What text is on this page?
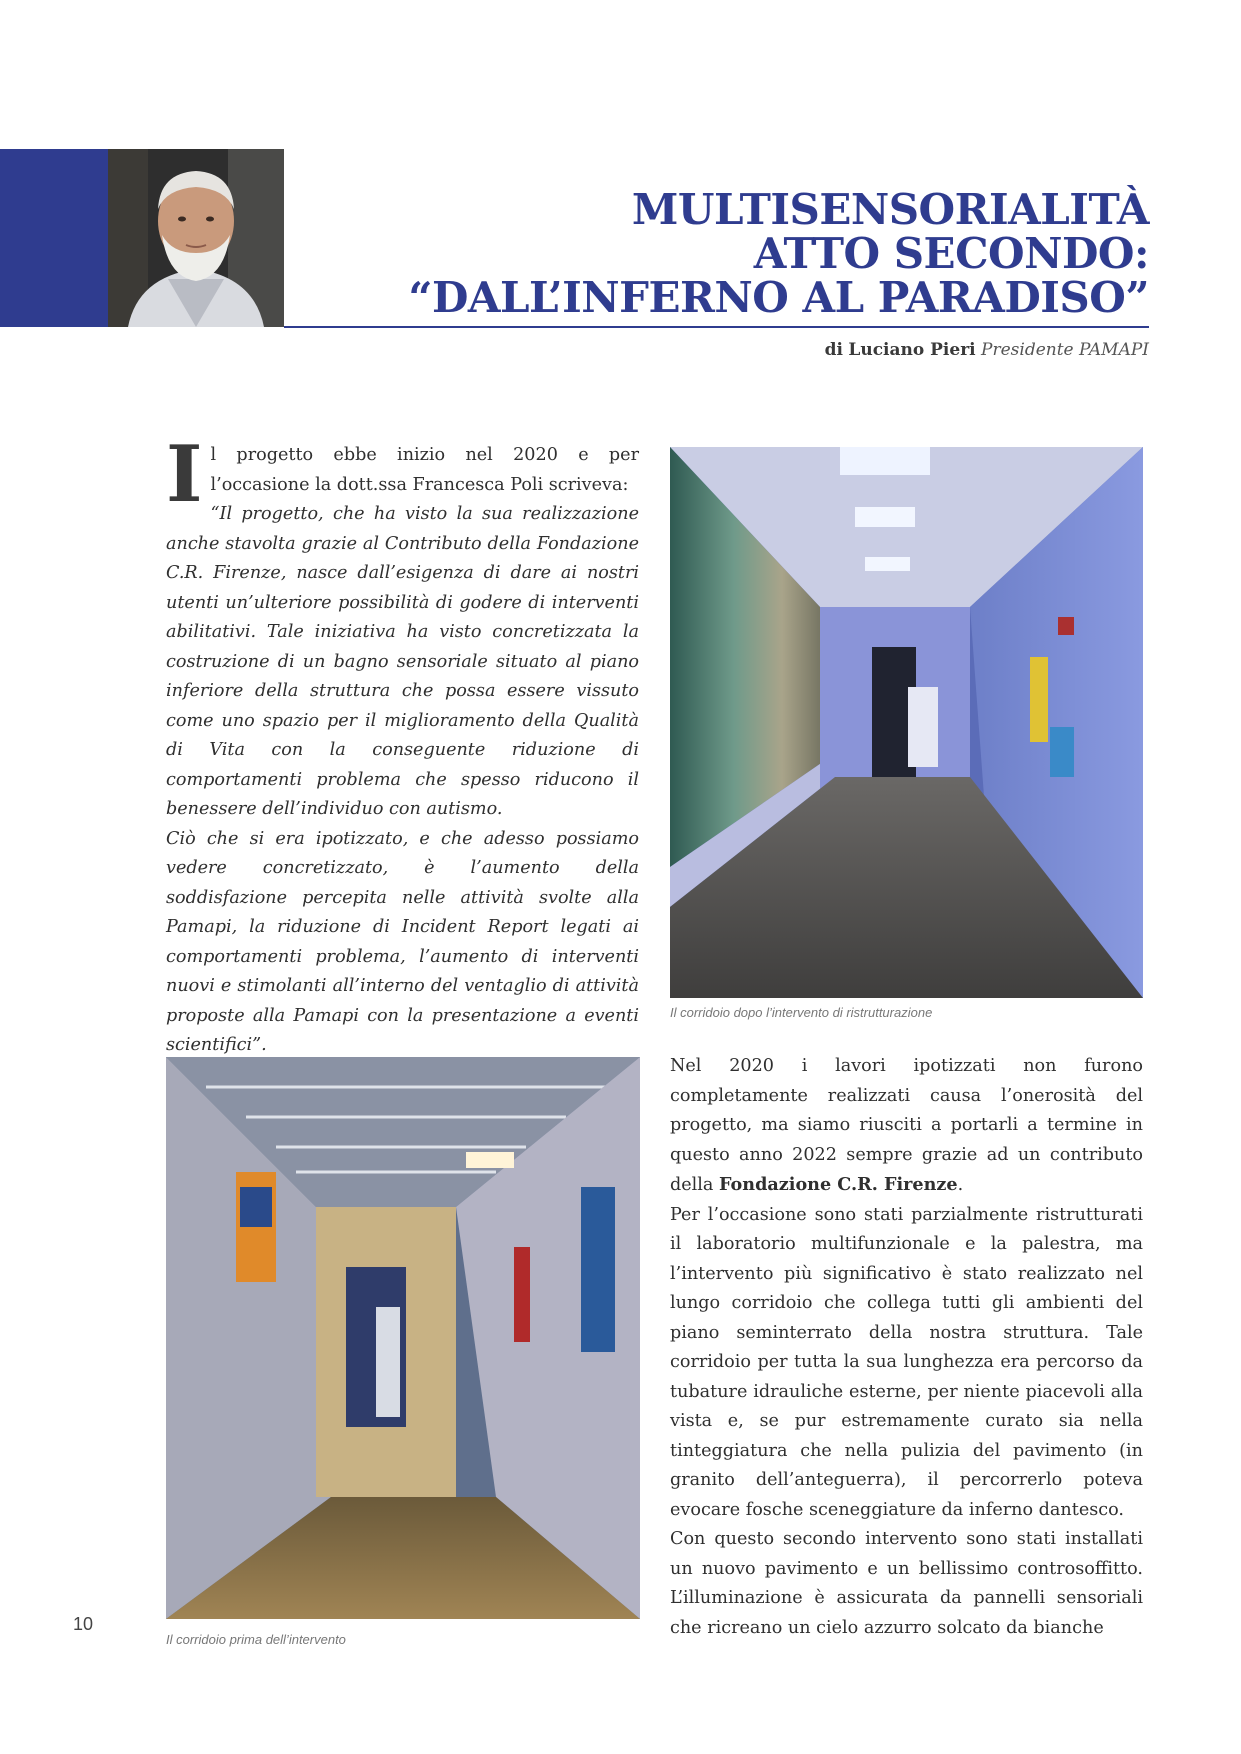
MULTISENSORIALITÀ
ATTO SECONDO:
“DALL’INFERNO AL PARADISO”
di Luciano Pieri Presidente PAMAPI
I l progetto ebbe inizio nel 2020 e per l’occasione la dott.ssa Francesca Poli scriveva:
“Il progetto, che ha visto la sua realizzazione anche stavolta grazie al Contributo della Fondazione C.R. Firenze, nasce dall’esigenza di dare ai nostri utenti un’ulteriore possibilità di godere di interventi abilitativi. Tale iniziativa ha visto concretizzata la costruzione di un bagno sensoriale situato al piano inferiore della struttura che possa essere vissuto come uno spazio per il miglioramento della Qualità di Vita con la conseguente riduzione di comportamenti problema che spesso riducono il benessere dell’individuo con autismo.

Ciò che si era ipotizzato, e che adesso possiamo vedere concretizzato, è l’aumento della soddisfazione percepita nelle attività svolte alla Pamapi, la riduzione di Incident Report legati ai comportamenti problema, l’aumento di interventi nuovi e stimolanti all’interno del ventaglio di attività proposte alla Pamapi con la presentazione a eventi scientifici”.

Il corridoio dopo l’intervento di ristrutturazione
Il corridoio prima dell’intervento

Nel 2020 i lavori ipotizzati non furono completamente realizzati causa l’onerosità del progetto, ma siamo riusciti a portarli a termine in questo anno 2022 sempre grazie ad un contributo della Fondazione C.R. Firenze.

Per l’occasione sono stati parzialmente ristrutturati il laboratorio multifunzionale e la palestra, ma l’intervento più significativo è stato realizzato nel lungo corridoio che collega tutti gli ambienti del piano seminterrato della nostra struttura. Tale corridoio per tutta la sua lunghezza era percorso da tubature idrauliche esterne, per niente piacevoli alla vista e, se pur estremamente curato sia nella tinteggiatura che nella pulizia del pavimento (in granito dell’anteguerra), il percorrerlo poteva evocare fosche sceneggiature da inferno dantesco.

Con questo secondo intervento sono stati installati un nuovo pavimento e un bellissimo controsoffitto. L’illuminazione è assicurata da pannelli sensoriali che ricreano un cielo azzurro solcato da bianche

10
